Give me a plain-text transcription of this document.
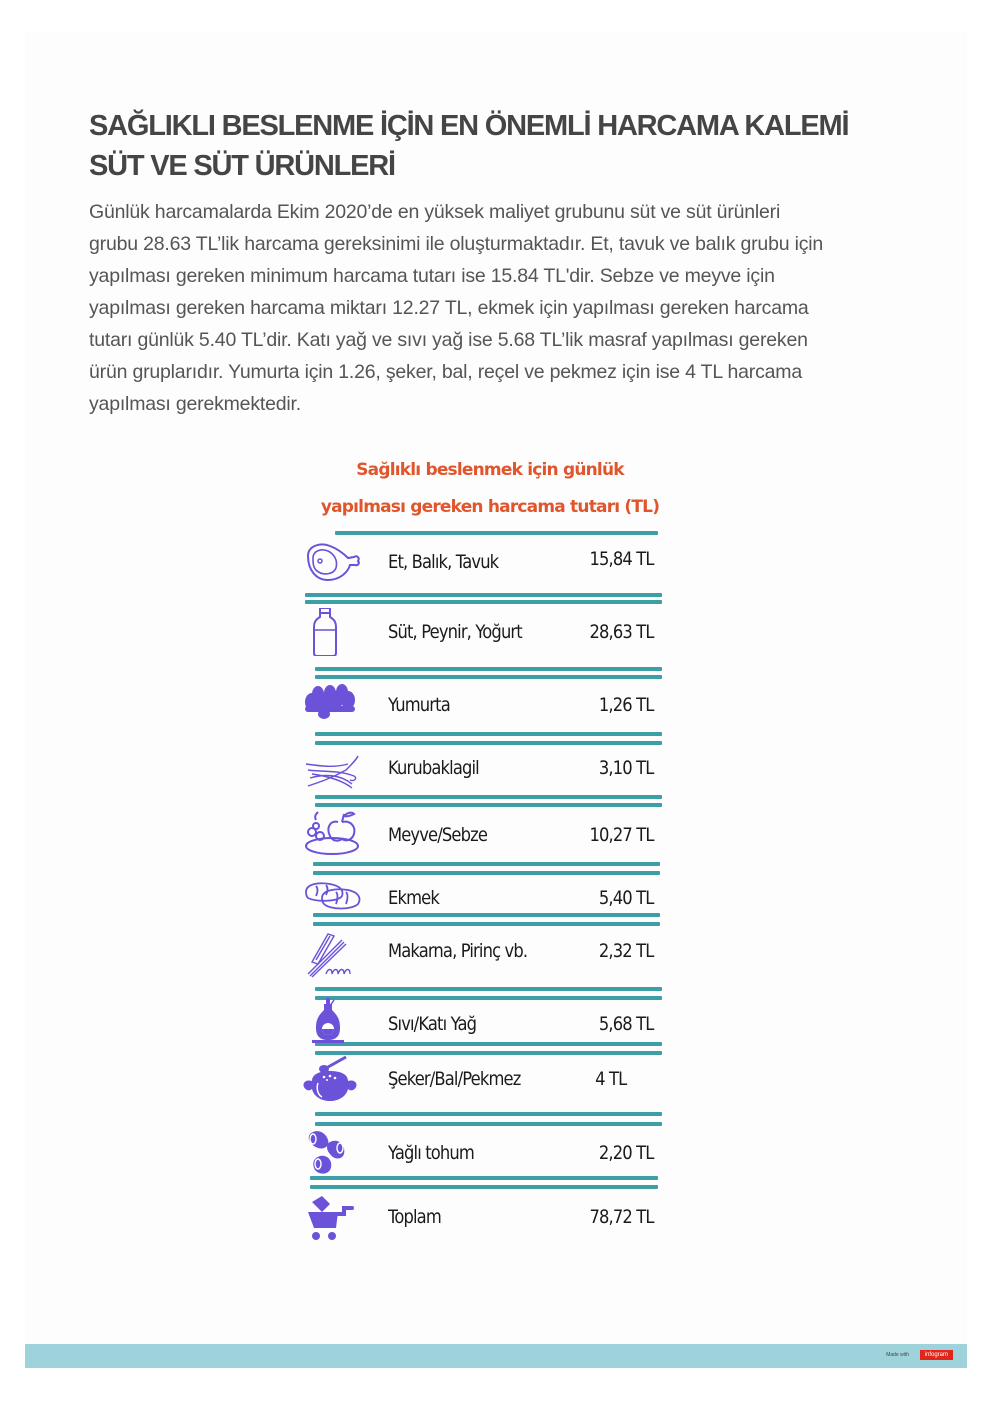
SAĞLIKLI BESLENME İÇİN EN ÖNEMLİ HARCAMA KALEMİ
SÜT VE SÜT ÜRÜNLERİ

Günlük harcamalarda Ekim 2020’de en yüksek maliyet grubunu süt ve süt ürünleri
grubu 28.63 TL’lik harcama gereksinimi ile oluşturmaktadır. Et, tavuk ve balık grubu için
yapılması gereken minimum harcama tutarı ise 15.84 TL'dir. Sebze ve meyve için
yapılması gereken harcama miktarı 12.27 TL, ekmek için yapılması gereken harcama
tutarı günlük 5.40 TL’dir. Katı yağ ve sıvı yağ ise 5.68 TL’lik masraf yapılması gereken
ürün gruplarıdır. Yumurta için 1.26, şeker, bal, reçel ve pekmez için ise 4 TL harcama
yapılması gerekmektedir.

Sağlıklı beslenmek için günlük
yapılması gereken harcama tutarı (TL)
Et, Balık, Tavuk	15,84 TL
Süt, Peynir, Yoğurt	28,63 TL
Yumurta	1,26 TL
Kurubaklagil	3,10 TL
Meyve/Sebze	10,27 TL
Ekmek	5,40 TL
Makarna, Pirinç vb.	2,32 TL
Sıvı/Katı Yağ	5,68 TL
Şeker/Bal/Pekmez	4 TL
Yağlı tohum	2,20 TL
Toplam	78,72 TL
Made with	infogram
